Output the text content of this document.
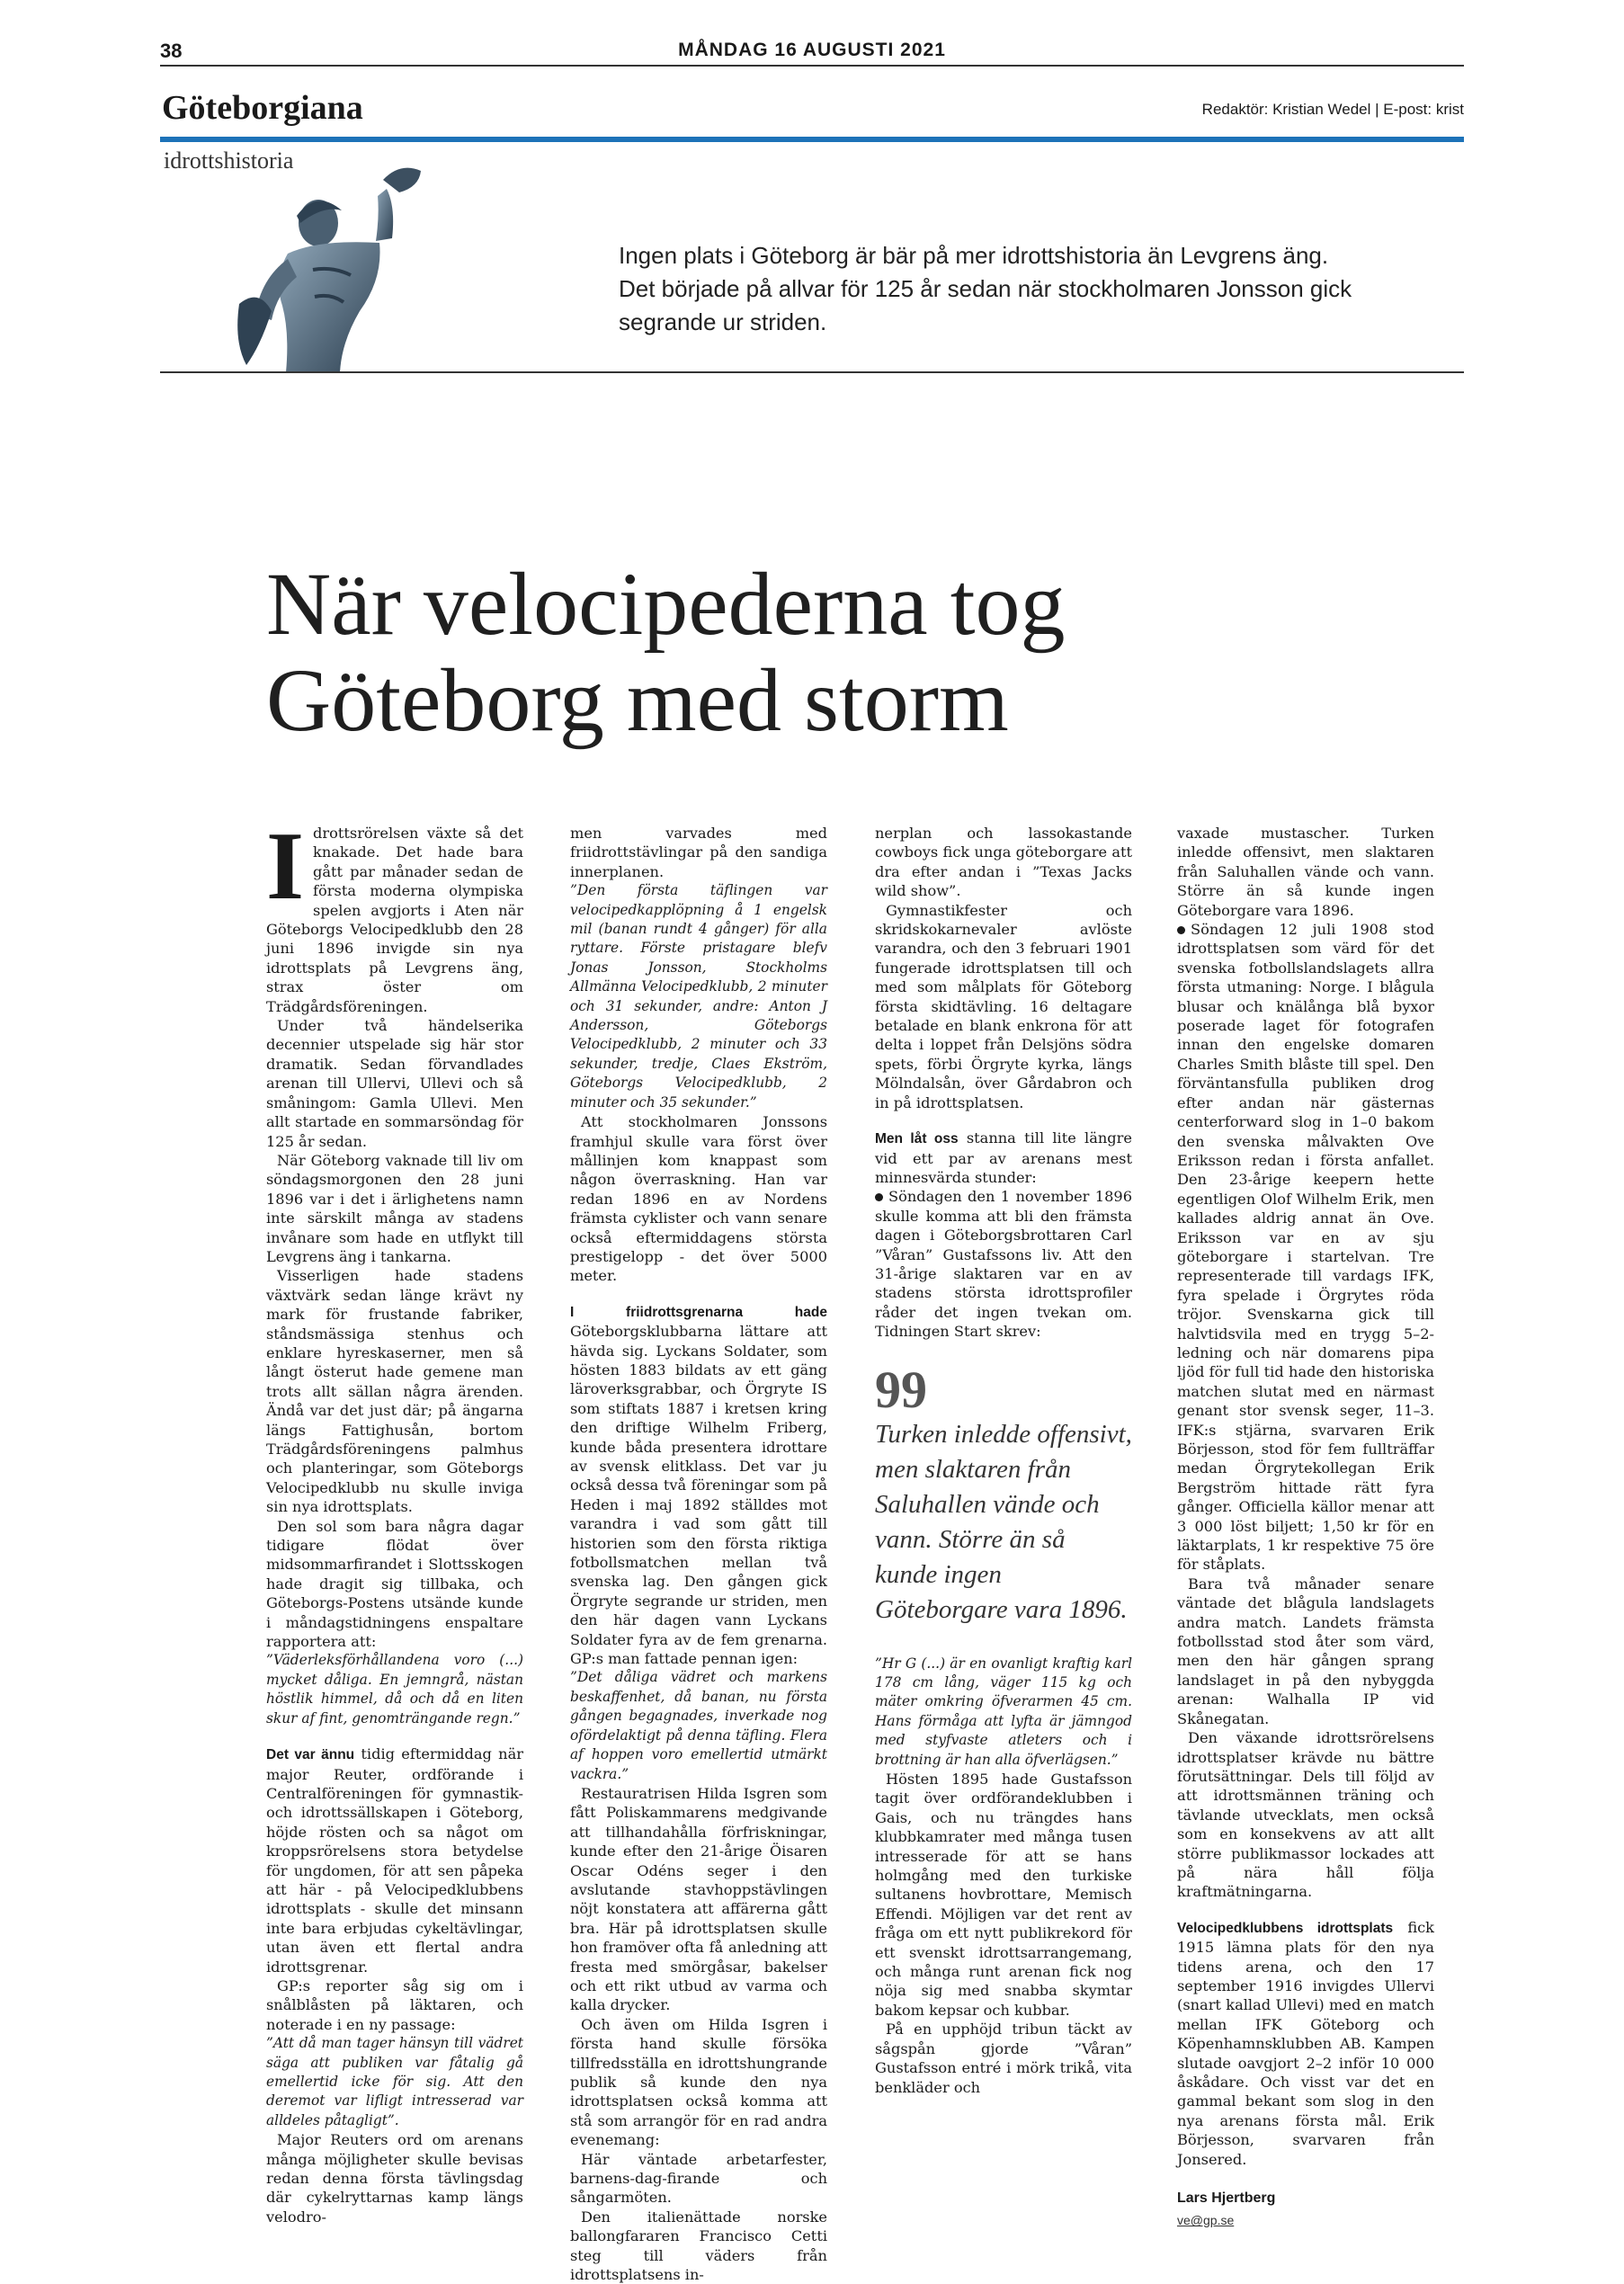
38	MÅNDAG 16 AUGUSTI 2021
Göteborgiana	Redaktör: Kristian Wedel | E-post: krist
idrottshistoria
Ingen plats i Göteborg är bär på mer idrottshistoria än Levgrens äng. Det började på allvar för 125 år sedan när stockholmaren Jonsson gick segrande ur striden.
När velocipederna tog
Göteborg med storm

Idrottsrörelsen växte så det knakade. Det hade bara gått par månader sedan de första moderna olympiska spelen avgjorts i Aten när Göteborgs Velocipedklubb den 28 juni 1896 invigde sin nya idrottsplats på Levgrens äng, strax öster om Trädgårdsföreningen.

Under två händelserika decennier utspelade sig här stor dramatik. Sedan förvandlades arenan till Ullervi, Ullevi och så småningom: Gamla Ullevi. Men allt startade en sommarsöndag för 125 år sedan.

När Göteborg vaknade till liv om söndagsmorgonen den 28 juni 1896 var i det i ärlighetens namn inte särskilt många av stadens invånare som hade en utflykt till Levgrens äng i tankarna.

Visserligen hade stadens växtvärk sedan länge krävt ny mark för frustande fabriker, ståndsmässiga stenhus och enklare hyreskaserner, men så långt österut hade gemene man trots allt sällan några ärenden. Ändå var det just där; på ängarna längs Fattighusån, bortom Trädgårdsföreningens palmhus och planteringar, som Göteborgs Velocipedklubb nu skulle inviga sin nya idrottsplats.

Den sol som bara några dagar tidigare flödat över midsommarfirandet i Slottsskogen hade dragit sig tillbaka, och Göteborgs-Postens utsände kunde i måndagstidningens enspaltare rapportera att:

”Väderleksförhållandena voro (...) mycket dåliga. En jemngrå, nästan höstlik himmel, då och då en liten skur af fint, genomträngande regn.”

Det var ännu tidig eftermiddag när major Reuter, ordförande i Centralföreningen för gymnastik- och idrottssällskapen i Göteborg, höjde rösten och sa något om kroppsrörelsens stora betydelse för ungdomen, för att sen påpeka att här - på Velocipedklubbens idrottsplats - skulle det minsann inte bara erbjudas cykeltävlingar, utan även ett flertal andra idrottsgrenar.

GP:s reporter såg sig om i snålblåsten på läktaren, och noterade i en ny passage:

”Att då man tager hänsyn till vädret säga att publiken var fåtalig gå emellertid icke för sig. Att den deremot var lifligt intresserad var alldeles påtagligt”.

Major Reuters ord om arenans många möjligheter skulle bevisas redan denna första tävlingsdag där cykelryttarnas kamp längs velodro-

men varvades med friidrottstävlingar på den sandiga innerplanen.

”Den första täflingen var velocipedkapplöpning å 1 engelsk mil (banan rundt 4 gånger) för alla ryttare. Förste pristagare blefv Jonas Jonsson, Stockholms Allmänna Velocipedklubb, 2 minuter och 31 sekunder, andre: Anton J Andersson, Göteborgs Velocipedklubb, 2 minuter och 33 sekunder, tredje, Claes Ekström, Göteborgs Velocipedklubb, 2 minuter och 35 sekunder.”

Att stockholmaren Jonssons framhjul skulle vara först över mållinjen kom knappast som någon överraskning. Han var redan 1896 en av Nordens främsta cyklister och vann senare också eftermiddagens största prestigelopp - det över 5000 meter.

I friidrottsgrenarna hade Göteborgsklubbarna lättare att hävda sig. Lyckans Soldater, som hösten 1883 bildats av ett gäng läroverksgrabbar, och Örgryte IS som stiftats 1887 i kretsen kring den driftige Wilhelm Friberg, kunde båda presentera idrottare av svensk elitklass. Det var ju också dessa två föreningar som på Heden i maj 1892 ställdes mot varandra i vad som gått till historien som den första riktiga fotbollsmatchen mellan två svenska lag. Den gången gick Örgryte segrande ur striden, men den här dagen vann Lyckans Soldater fyra av de fem grenarna. GP:s man fattade pennan igen:

”Det dåliga vädret och markens beskaffenhet, då banan, nu första gången begagnades, inverkade nog ofördelaktigt på denna täfling. Flera af hoppen voro emellertid utmärkt vackra.”

Restauratrisen Hilda Isgren som fått Poliskammarens medgivande att tillhandahålla förfriskningar, kunde efter den 21-årige Öisaren Oscar Odéns seger i den avslutande stavhoppstävlingen nöjt konstatera att affärerna gått bra. Här på idrottsplatsen skulle hon framöver ofta få anledning att fresta med smörgåsar, bakelser och ett rikt utbud av varma och kalla drycker.

Och även om Hilda Isgren i första hand skulle försöka tillfredsställa en idrottshungrande publik så kunde den nya idrottsplatsen också komma att stå som arrangör för en rad andra evenemang:

Här väntade arbetarfester, barnens-dag-firande och sångarmöten.

Den italienättade norske ballongfararen Francisco Cetti steg till väders från idrottsplatsens in-

nerplan och lassokastande cowboys fick unga göteborgare att dra efter andan i ”Texas Jacks wild show”.

Gymnastikfester och skridskokarnevaler avlöste varandra, och den 3 februari 1901 fungerade idrottsplatsen till och med som målplats för Göteborg första skidtävling. 16 deltagare betalade en blank enkrona för att delta i loppet från Delsjöns södra spets, förbi Örgryte kyrka, längs Mölndalsån, över Gårdabron och in på idrottsplatsen.

Men låt oss stanna till lite längre vid ett par av arenans mest minnesvärda stunder:

Söndagen den 1 november 1896 skulle komma att bli den främsta dagen i Göteborgsbrottaren Carl ”Våran” Gustafssons liv. Att den 31-årige slaktaren var en av stadens största idrottsprofiler råder det ingen tvekan om. Tidningen Start skrev:

99
Turken inledde offensivt, men slaktaren från Saluhallen vände och vann. Större än så kunde ingen Göteborgare vara 1896.

”Hr G (...) är en ovanligt kraftig karl 178 cm lång, väger 115 kg och mäter omkring öfverarmen 45 cm. Hans förmåga att lyfta är jämngod med styfvaste atleters och i brottning är han alla öfverlägsen.”

Hösten 1895 hade Gustafsson tagit över ordförandeklubben i Gais, och nu trängdes hans klubbkamrater med många tusen intresserade för att se hans holmgång med den turkiske sultanens hovbrottare, Memisch Effendi. Möjligen var det rent av fråga om ett nytt publikrekord för ett svenskt idrottsarrangemang, och många runt arenan fick nog nöja sig med snabba skymtar bakom kepsar och kubbar.

På en upphöjd tribun täckt av sågspån gjorde ”Våran” Gustafsson entré i mörk trikå, vita benkläder och

vaxade mustascher. Turken inledde offensivt, men slaktaren från Saluhallen vände och vann. Större än så kunde ingen Göteborgare vara 1896.

Söndagen 12 juli 1908 stod idrottsplatsen som värd för det svenska fotbollslandslagets allra första utmaning: Norge. I blågula blusar och knälånga blå byxor poserade laget för fotografen innan den engelske domaren Charles Smith blåste till spel. Den förväntansfulla publiken drog efter andan när gästernas centerforward slog in 1–0 bakom den svenska målvakten Ove Eriksson redan i första anfallet. Den 23-årige keepern hette egentligen Olof Wilhelm Erik, men kallades aldrig annat än Ove. Eriksson var en av sju göteborgare i startelvan. Tre representerade till vardags IFK, fyra spelade i Örgrytes röda tröjor. Svenskarna gick till halvtidsvila med en trygg 5–2-ledning och när domarens pipa ljöd för full tid hade den historiska matchen slutat med en närmast genant stor svensk seger, 11–3. IFK:s stjärna, svarvaren Erik Börjesson, stod för fem fullträffar medan Örgrytekollegan Erik Bergström hittade rätt fyra gånger. Officiella källor menar att 3 000 löst biljett; 1,50 kr för en läktarplats, 1 kr respektive 75 öre för ståplats.

Bara två månader senare väntade det blågula landslagets andra match. Landets främsta fotbollsstad stod åter som värd, men den här gången sprang landslaget in på den nybyggda arenan: Walhalla IP vid Skånegatan.

Den växande idrottsrörelsens idrottsplatser krävde nu bättre förutsättningar. Dels till följd av att idrottsmännen träning och tävlande utvecklats, men också som en konsekvens av att allt större publikmassor lockades att på nära håll följa kraftmätningarna.

Velocipedklubbens idrottsplats fick 1915 lämna plats för den nya tidens arena, och den 17 september 1916 invigdes Ullervi (snart kallad Ullevi) med en match mellan IFK Göteborg och Köpenhamnsklubben AB. Kampen slutade oavgjort 2–2 inför 10 000 åskådare. Och visst var det en gammal bekant som slog in den nya arenans första mål. Erik Börjesson, svarvaren från Jonsered.

Lars Hjertberg
ve@gp.se
